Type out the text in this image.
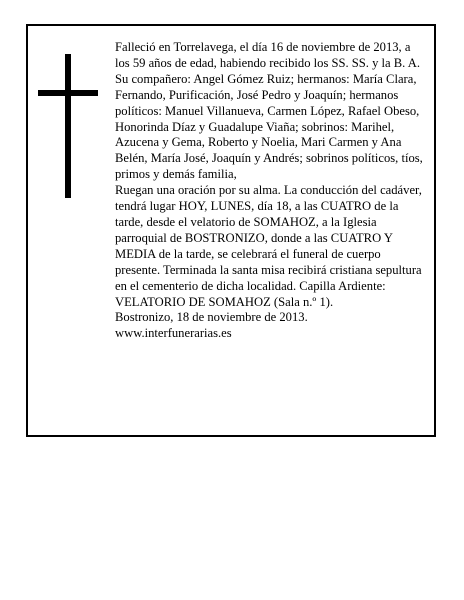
Falleció en Torrelavega, el día 16 de noviembre de 2013, a los 59 años de edad, habiendo recibido los SS. SS. y la B. A.

Su compañero: Angel Gómez Ruiz; hermanos: María Clara, Fernando, Purificación, José Pedro y Joaquín; hermanos políticos: Manuel Villanueva, Carmen López, Rafael Obeso, Honorinda Díaz y Guadalupe Viaña; sobrinos: Marihel, Azucena y Gema, Roberto y Noelia, Mari Carmen y Ana Belén, María José, Joaquín y Andrés; sobrinos políticos, tíos, primos y demás familia,

Ruegan una oración por su alma. La conducción del cadáver, tendrá lugar HOY, LUNES, día 18, a las CUATRO de la tarde, desde el velatorio de SOMAHOZ, a la Iglesia parroquial de BOSTRONIZO, donde a las CUATRO Y MEDIA de la tarde, se celebrará el funeral de cuerpo presente. Terminada la santa misa recibirá cristiana sepultura en el cementerio de dicha localidad. Capilla Ardiente: VELATORIO DE SOMAHOZ (Sala n.º 1).

Bostronizo, 18 de noviembre de 2013.

www.interfunerarias.es
